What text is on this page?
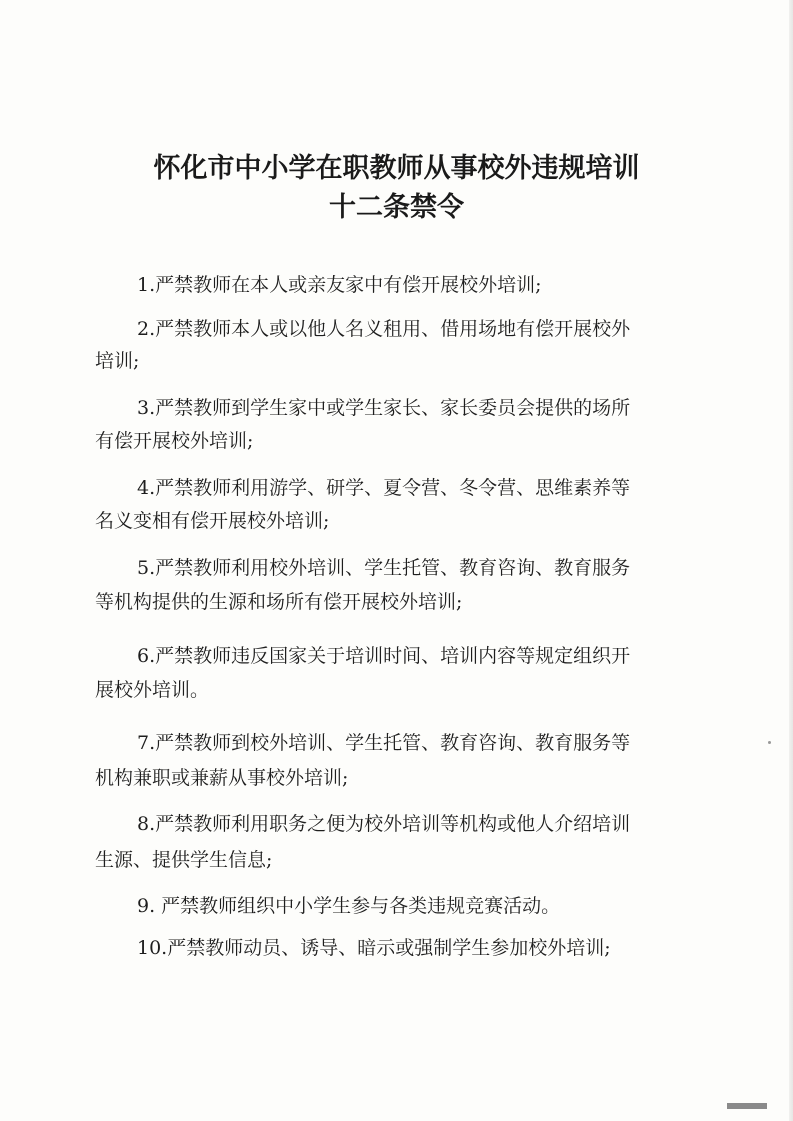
怀化市中小学在职教师从事校外违规培训
十二条禁令
1.严禁教师在本人或亲友家中有偿开展校外培训;
2.严禁教师本人或以他人名义租用、借用场地有偿开展校外
培训;
3.严禁教师到学生家中或学生家长、家长委员会提供的场所
有偿开展校外培训;
4.严禁教师利用游学、研学、夏令营、冬令营、思维素养等
名义变相有偿开展校外培训;
5.严禁教师利用校外培训、学生托管、教育咨询、教育服务
等机构提供的生源和场所有偿开展校外培训;
6.严禁教师违反国家关于培训时间、培训内容等规定组织开
展校外培训。
7.严禁教师到校外培训、学生托管、教育咨询、教育服务等
机构兼职或兼薪从事校外培训;
8.严禁教师利用职务之便为校外培训等机构或他人介绍培训
生源、提供学生信息;
9. 严禁教师组织中小学生参与各类违规竞赛活动。
10.严禁教师动员、诱导、暗示或强制学生参加校外培训;
